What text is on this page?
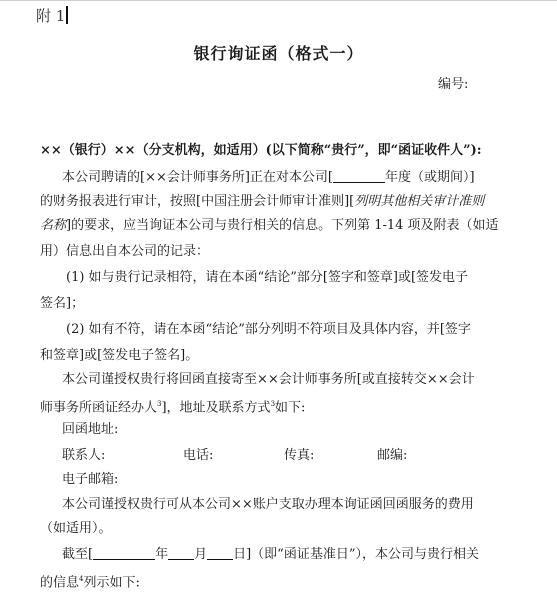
附 1
银行询证函（格式一）
编号:
××（银行）××（分支机构，如适用）(以下简称“贵行”，即“函证收件人”):
本公司聘请的[××会计师事务所]正在对本公司[	年度（或期间）]
的财务报表进行审计，按照[中国注册会计师审计准则][列明其他相关审计准则
名称]的要求，应当询证本公司与贵行相关的信息。下列第 1-14 项及附表（如适
用）信息出自本公司的记录：
(1) 如与贵行记录相符，请在本函“结论”部分[签字和签章]或[签发电子
签名]；
(2) 如有不符，请在本函“结论”部分列明不符项目及具体内容，并[签字
和签章]或[签发电子签名]。
本公司谨授权贵行将回函直接寄至××会计师事务所[或直接转交××会计
师事务所函证经办人$^3$]，地址及联系方式$^3$如下:
回函地址:
联系人:	电话:	传真:	邮编:
电子邮箱:
本公司谨授权贵行可从本公司××账户支取办理本询证函回函服务的费用
（如适用）。
截至[	年 月 日]（即“函证基准日”），本公司与贵行相关
的信息$^4$列示如下:
